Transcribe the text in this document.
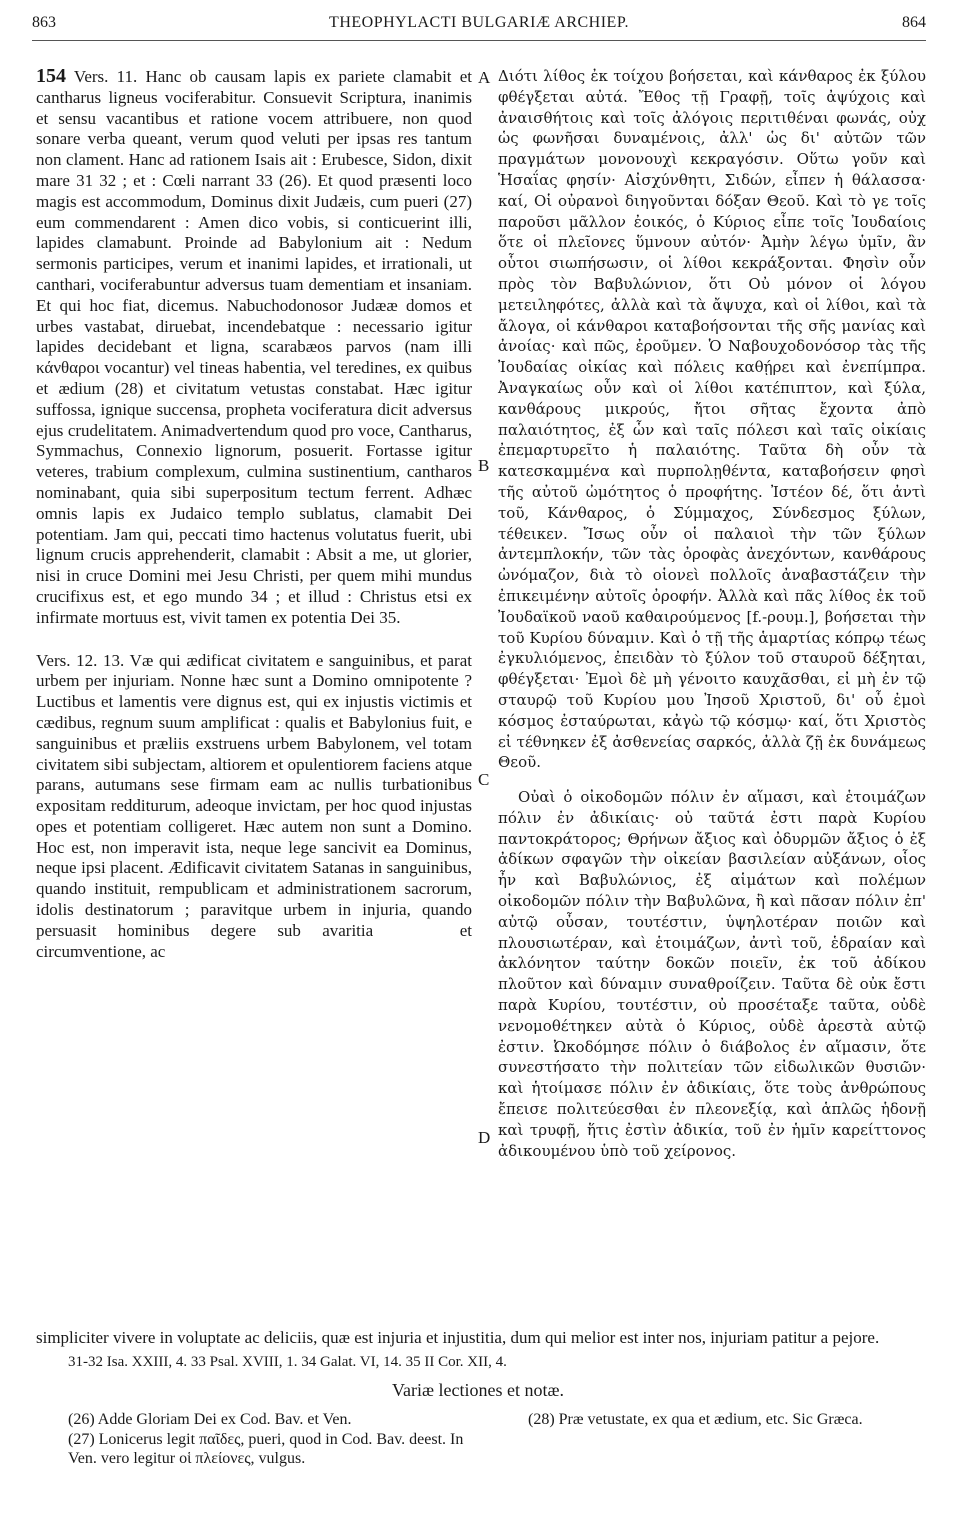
863	THEOPHYLACTI BULGARIÆ ARCHIEP.	864

154 Vers. 11. Hanc ob causam lapis ex pariete clamabit et cantharus ligneus vociferabitur. Consuevit Scriptura, inanimis et sensu vacantibus et ratione vocem attribuere, non quod sonare verba queant, verum quod veluti per ipsas res tantum non clament. Hanc ad rationem Isais ait : Erubesce, Sidon, dixit mare 31 32 ; et : Cœli narrant 33 (26). Et quod præsenti loco magis est accommodum, Dominus dixit Judæis, cum pueri (27) eum commendarent : Amen dico vobis, si conticuerint illi, lapides clamabunt. Proinde ad Babylonium ait : Nedum sermonis participes, verum et inanimi lapides, et irrationali, ut canthari, vociferabuntur adversus tuam dementiam et insaniam. Et qui hoc fiat, dicemus. Nabuchodonosor Judææ domos et urbes vastabat, diruebat, incendebatque : necessario igitur lapides decidebant et ligna, scarabæos parvos (nam illi κάνθαροι vocantur) vel tineas habentia, vel teredines, ex quibus et ædium (28) et civitatum vetustas constabat. Hæc igitur suffossa, ignique succensa, propheta vociferatura dicit adversus ejus crudelitatem. Animadvertendum quod pro voce, Cantharus, Symmachus, Connexio lignorum, posuerit. Fortasse igitur veteres, trabium complexum, culmina sustinentium, cantharos nominabant, quia sibi superpositum tectum ferrent. Adhæc omnis lapis ex Judaico templo sublatus, clamabit Dei potentiam. Jam qui, peccati timo hactenus volutatus fuerit, ubi lignum crucis apprehenderit, clamabit : Absit a me, ut glorier, nisi in cruce Domini mei Jesu Christi, per quem mihi mundus crucifixus est, et ego mundo 34 ; et illud : Christus etsi ex infirmate mortuus est, vivit tamen ex potentia Dei 35.

Vers. 12. 13. Væ qui ædificat civitatem e sanguinibus, et parat urbem per injuriam. Nonne hæc sunt a Domino omnipotente ? Luctibus et lamentis vere dignus est, qui ex injustis victimis et cædibus, regnum suum amplificat : qualis et Babylonius fuit, e sanguinibus et præliis exstruens urbem Babylonem, vel totam civitatem sibi subjectam, altiorem et opulentiorem faciens atque parans, autumans sese firmam eam ac nullis turbationibus expositam redditurum, adeoque invictam, per hoc quod injustas opes et potentiam colligeret. Hæc autem non sunt a Domino. Hoc est, non imperavit ista, neque lege sancivit ea Dominus, neque ipsi placent. Ædificavit civitatem Satanas in sanguinibus, quando instituit, rempublicam et administrationem sacrorum, idolis destinatorum ; paravitque urbem in injuria, quando persuasit hominibus degere sub avaritia	et circumventione, ac

Διότι λίθος ἐκ τοίχου βοήσεται, καὶ κάνθαρος ἐκ ξύλου φθέγξεται αὐτά. Ἔθος τῇ Γραφῇ, τοῖς ἀψύχοις καὶ ἀναισθήτοις καὶ τοῖς ἀλόγοις περιτιθέναι φωνάς, οὐχ ὡς φωνῆσαι δυναμένοις, ἀλλ' ὡς δι' αὐτῶν τῶν πραγμάτων μονονουχὶ κεκραγόσιν. Οὕτω γοῦν καὶ Ἡσαΐας φησίν· Αἰσχύνθητι, Σιδών, εἶπεν ἡ θάλασσα· καί, Οἱ οὐρανοὶ διηγοῦνται δόξαν Θεοῦ. Καὶ τὸ γε τοῖς παροῦσι μᾶλλον ἐοικός, ὁ Κύριος εἶπε τοῖς Ἰουδαίοις ὅτε οἱ πλεῖονες ὕμνουν αὐτόν· Ἀμὴν λέγω ὑμῖν, ἂν οὗτοι σιωπήσωσιν, οἱ λίθοι κεκράξονται. Φησὶν οὖν πρὸς τὸν Βαβυλώνιον, ὅτι Οὐ μόνον οἱ λόγου μετειληφότες, ἀλλὰ καὶ τὰ ἄψυχα, καὶ οἱ λίθοι, καὶ τὰ ἄλογα, οἱ κάνθαροι καταβοήσονται τῆς σῆς μανίας καὶ ἀνοίας· καὶ πῶς, ἐροῦμεν. Ὁ Ναβουχοδονόσορ τὰς τῆς Ἰουδαίας οἰκίας καὶ πόλεις καθῄρει καὶ ἐνεπίμπρα. Ἀναγκαίως οὖν καὶ οἱ λίθοι κατέπιπτον, καὶ ξύλα, κανθάρους μικρούς, ἤτοι σῆτας ἔχοντα ἀπὸ παλαιότητος, ἐξ ὧν καὶ ταῖς πόλεσι καὶ ταῖς οἰκίαις ἐπεμαρτυρεῖτο ἡ παλαιότης. Ταῦτα δὴ οὖν τὰ κατεσκαμμένα καὶ πυρπολῃθέντα, καταβοήσειν φησὶ τῆς αὐτοῦ ὠμότητος ὁ προφήτης. Ἰστέον δέ, ὅτι ἀντὶ τοῦ, Κάνθαρος, ὁ Σύμμαχος, Σύνδεσμος ξύλων, τέθεικεν. Ἴσως οὖν οἱ παλαιοὶ τὴν τῶν ξύλων ἀντεμπλοκήν, τῶν τὰς ὀροφὰς ἀνεχόντων, κανθάρους ὠνόμαζον, διὰ τὸ οἱονεὶ πολλοῖς ἀναβαστάζειν τὴν ἐπικειμένην αὐτοῖς ὀροφήν. Ἀλλὰ καὶ πᾶς λίθος ἐκ τοῦ Ἰουδαϊκοῦ ναοῦ καθαιρούμενος [f.-ρουμ.], βοήσεται τὴν τοῦ Κυρίου δύναμιν. Καὶ ὁ τῇ τῆς ἁμαρτίας κόπρῳ τέως ἐγκυλιόμενος, ἐπειδὰν τὸ ξύλον τοῦ σταυροῦ δέξηται, φθέγξεται· Ἐμοὶ δὲ μὴ γένοιτο καυχᾶσθαι, εἰ μὴ ἐν τῷ σταυρῷ τοῦ Κυρίου μου Ἰησοῦ Χριστοῦ, δι' οὗ ἐμοὶ κόσμος ἐσταύρωται, κἀγὼ τῷ κόσμῳ· καί, ὅτι Χριστὸς εἰ τέθνηκεν ἐξ ἀσθενείας σαρκός, ἀλλὰ ζῇ ἐκ δυνάμεως Θεοῦ.

Οὐαὶ ὁ οἰκοδομῶν πόλιν ἐν αἵμασι, καὶ ἑτοιμάζων πόλιν ἐν ἀδικίαις· οὐ ταῦτά ἐστι παρὰ Κυρίου παντοκράτορος; Θρήνων ἄξιος καὶ ὀδυρμῶν ἄξιος ὁ ἐξ ἀδίκων σφαγῶν τὴν οἰκείαν βασιλείαν αὐξάνων, οἷος ἦν καὶ Βαβυλώνιος, ἐξ αἱμάτων καὶ πολέμων οἰκοδομῶν πόλιν τὴν Βαβυλῶνα, ἢ καὶ πᾶσαν πόλιν ἐπ' αὐτῷ οὖσαν, τουτέστιν, ὑψηλοτέραν ποιῶν καὶ πλουσιωτέραν, καὶ ἑτοιμάζων, ἀντὶ τοῦ, ἑδραίαν καὶ ἀκλόνητον ταύτην δοκῶν ποιεῖν, ἐκ τοῦ ἀδίκου πλοῦτον καὶ δύναμιν συναθροίζειν. Ταῦτα δὲ οὐκ ἔστι παρὰ Κυρίου, τουτέστιν, οὐ προσέταξε ταῦτα, οὐδὲ νενομοθέτηκεν αὐτὰ ὁ Κύριος, οὐδὲ ἀρεστὰ αὐτῷ ἐστιν. Ὠκοδόμησε πόλιν ὁ διάβολος ἐν αἵμασιν, ὅτε συνεστήσατο τὴν πολιτείαν τῶν εἰδωλικῶν θυσιῶν· καὶ ἡτοίμασε πόλιν ἐν ἀδικίαις, ὅτε τοὺς ἀνθρώπους ἔπεισε πολιτεύεσθαι ἐν πλεονεξίᾳ, καὶ ἁπλῶς ἡδονῇ καὶ τρυφῇ, ἥτις ἐστὶν ἀδικία, τοῦ ἐν ἡμῖν καρείττονος ἀδικουμένου ὑπὸ τοῦ χείρονος.

A
B
C
D

simpliciter vivere in voluptate ac deliciis, quæ est injuria et injustitia, dum qui melior est inter nos, injuriam patitur a pejore.

31-32 Isa. XXIII, 4. 33 Psal. XVIII, 1. 34 Galat. VI, 14. 35 II Cor. XII, 4.
Variæ lectiones et notæ.

(26) Adde Gloriam Dei ex Cod. Bav. et Ven.

(27) Lonicerus legit παῖδες, pueri, quod in Cod. Bav. deest. In Ven. vero legitur οἱ πλείονες, vulgus.

(28) Præ vetustate, ex qua et ædium, etc. Sic Græca.
